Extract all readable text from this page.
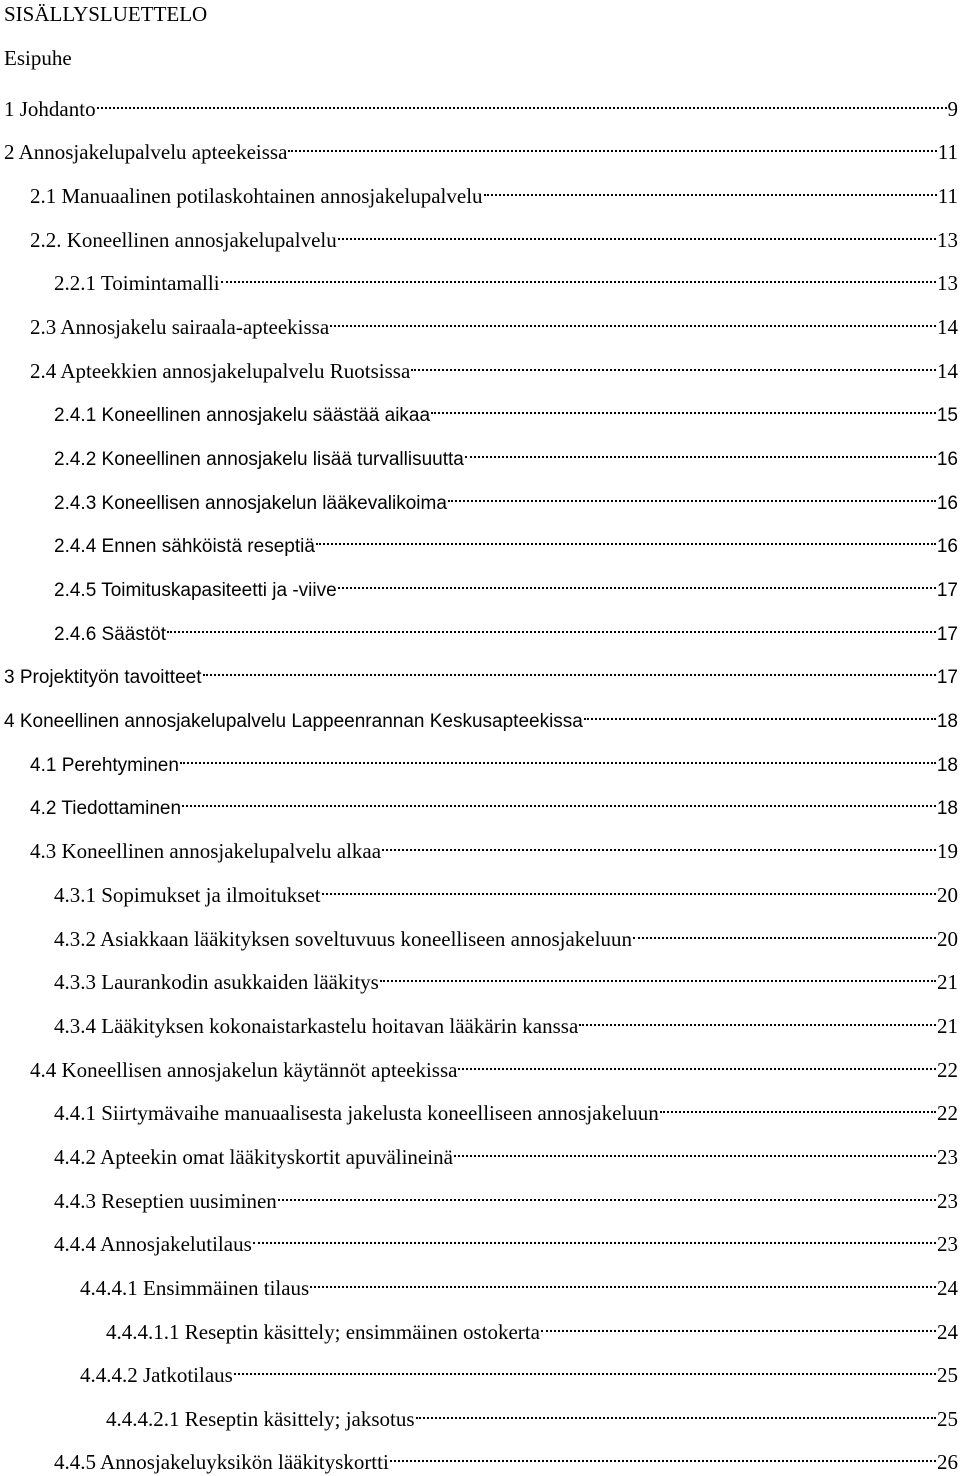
SISÄLLYSLUETTELO
Esipuhe
1 Johdanto	9
2 Annosjakelupalvelu apteekeissa	11
2.1 Manuaalinen potilaskohtainen annosjakelupalvelu	11
2.2. Koneellinen annosjakelupalvelu	13
2.2.1 Toimintamalli	13
2.3 Annosjakelu sairaala-apteekissa	14
2.4 Apteekkien annosjakelupalvelu Ruotsissa	14
2.4.1 Koneellinen annosjakelu säästää aikaa	15
2.4.2 Koneellinen annosjakelu lisää turvallisuutta	16
2.4.3 Koneellisen annosjakelun lääkevalikoima	16
2.4.4 Ennen sähköistä reseptiä	16
2.4.5 Toimituskapasiteetti ja -viive	17
2.4.6 Säästöt	17
3 Projektityön tavoitteet	17
4 Koneellinen annosjakelupalvelu Lappeenrannan Keskusapteekissa	18
4.1 Perehtyminen	18
4.2 Tiedottaminen	18
4.3 Koneellinen annosjakelupalvelu alkaa	19
4.3.1 Sopimukset ja ilmoitukset	20
4.3.2 Asiakkaan lääkityksen soveltuvuus koneelliseen annosjakeluun	20
4.3.3 Laurankodin asukkaiden lääkitys	21
4.3.4 Lääkityksen kokonaistarkastelu hoitavan lääkärin kanssa	21
4.4 Koneellisen annosjakelun käytännöt apteekissa	22
4.4.1 Siirtymävaihe manuaalisesta jakelusta koneelliseen annosjakeluun	22
4.4.2 Apteekin omat lääkityskortit apuvälineinä	23
4.4.3 Reseptien uusiminen	23
4.4.4 Annosjakelutilaus	23
4.4.4.1 Ensimmäinen tilaus	24
4.4.4.1.1 Reseptin käsittely; ensimmäinen ostokerta	24
4.4.4.2 Jatkotilaus	25
4.4.4.2.1 Reseptin käsittely; jaksotus	25
4.4.5 Annosjakeluyksikön lääkityskortti	26
